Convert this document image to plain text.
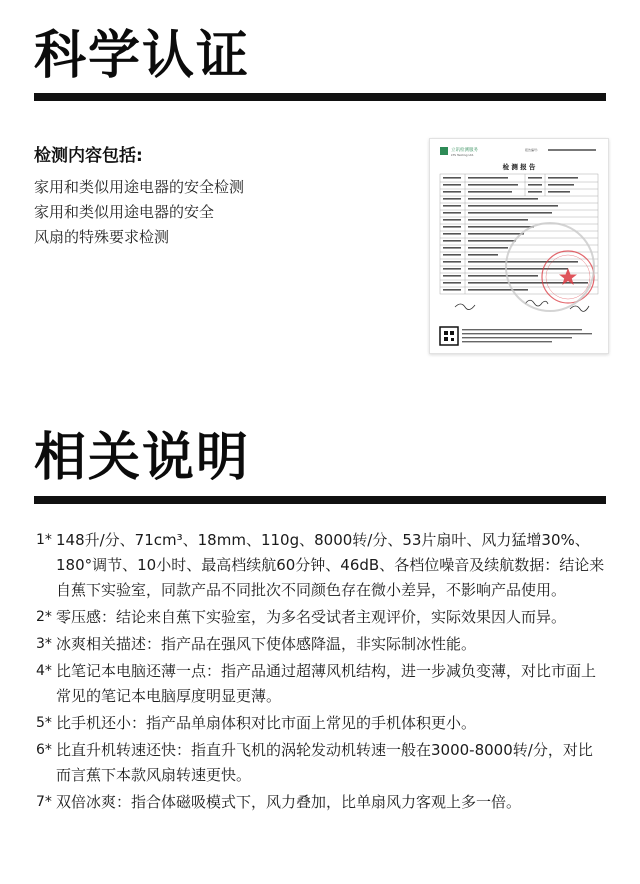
科学认证
检测内容包括:
家用和类似用途电器的安全检测
家用和类似用途电器的安全
风扇的特殊要求检测
立讯检测服务
LTS Testing Ltd.
报告编号:
检 测 报 告
相关说明
1* 148升/分、71cm³、18mm、110g、8000转/分、53片扇叶、风力猛增30%、180°调节、10小时、最高档续航60分钟、46dB、各档位噪音及续航数据：结论来自蕉下实验室，同款产品不同批次不同颜色存在微小差异，不影响产品使用。
2* 零压感：结论来自蕉下实验室，为多名受试者主观评价，实际效果因人而异。
3* 冰爽相关描述：指产品在强风下使体感降温，非实际制冰性能。
4* 比笔记本电脑还薄一点：指产品通过超薄风机结构，进一步减负变薄，对比市面上常见的笔记本电脑厚度明显更薄。
5* 比手机还小：指产品单扇体积对比市面上常见的手机体积更小。
6* 比直升机转速还快：指直升飞机的涡轮发动机转速一般在3000-8000转/分，对比而言蕉下本款风扇转速更快。
7* 双倍冰爽：指合体磁吸模式下，风力叠加，比单扇风力客观上多一倍。
